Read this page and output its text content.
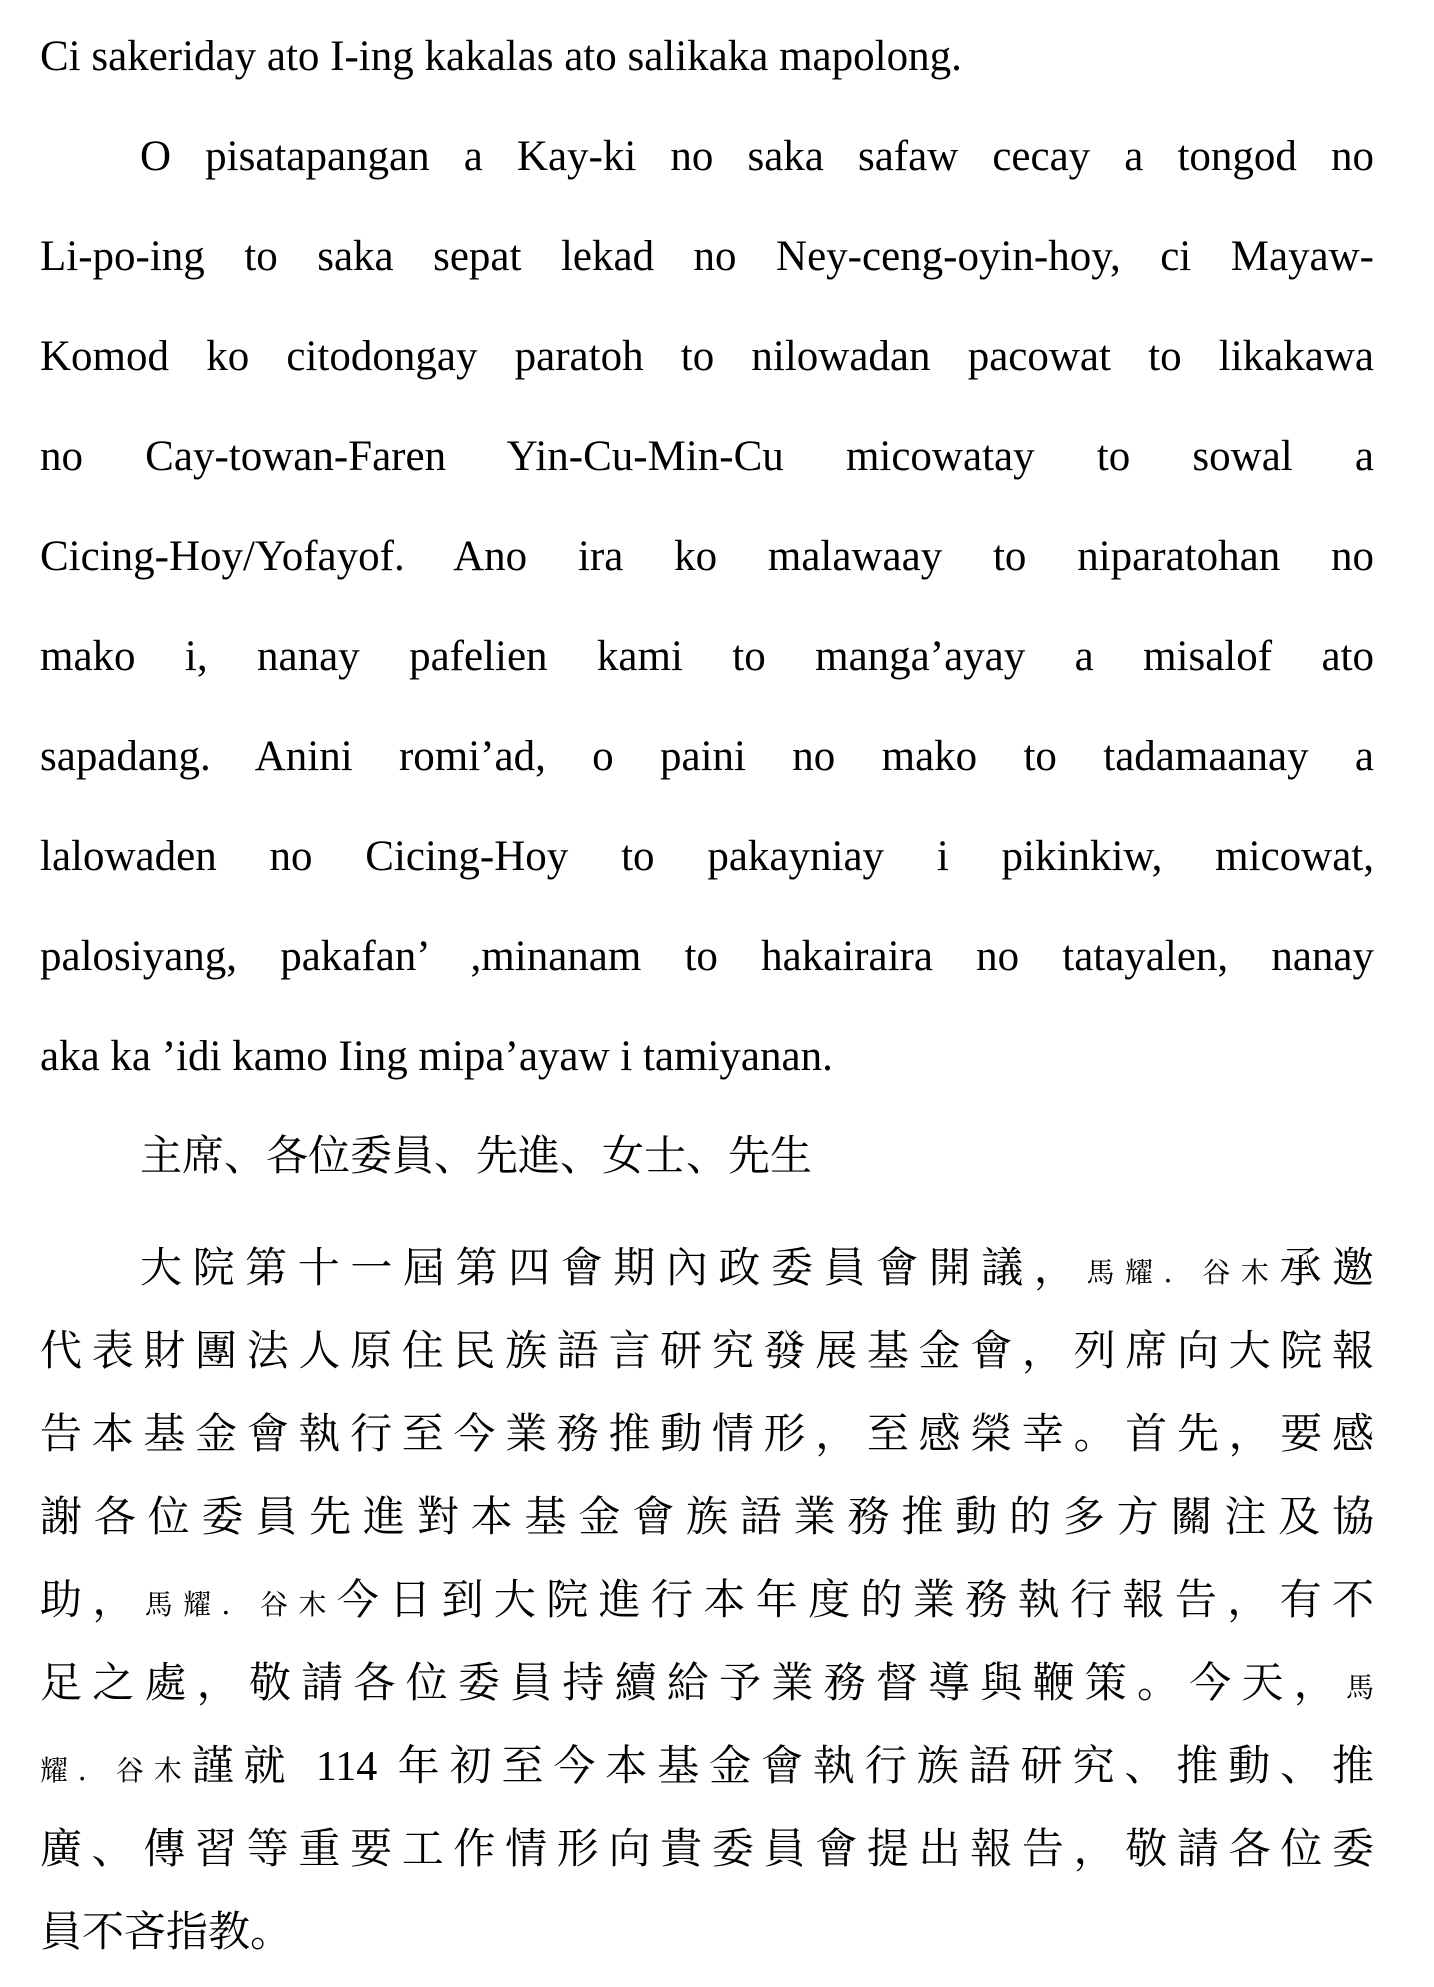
Ci sakeriday ato I-ing kakalas ato salikaka mapolong.
O pisatapangan a Kay-ki no saka safaw cecay a tongod no
Li-po-ing to saka sepat lekad no Ney-ceng-oyin-hoy, ci Mayaw-
Komod ko citodongay paratoh to nilowadan pacowat to likakawa
no Cay-towan-Faren Yin-Cu-Min-Cu micowatay to sowal a
Cicing-Hoy/Yofayof. Ano ira ko malawaay to niparatohan no
mako i, nanay pafelien kami to manga’ayay a misalof ato
sapadang. Anini romi’ad, o paini no mako to tadamaanay a
lalowaden no Cicing-Hoy to pakayniay i pikinkiw, micowat,
palosiyang, pakafan’ ,minanam to hakairaira no tatayalen, nanay
aka ka ’idi kamo Iing mipa’ayaw i tamiyanan.
主席、各位委員、先進、女士、先生
大院第十一屆第四會期內政委員會開議，馬耀．谷木承邀
代表財團法人原住民族語言研究發展基金會，列席向大院報
告本基金會執行至今業務推動情形，至感榮幸。首先，要感
謝各位委員先進對本基金會族語業務推動的多方關注及協
助，馬耀．谷木今日到大院進行本年度的業務執行報告，有不
足之處，敬請各位委員持續給予業務督導與鞭策。今天，馬
耀．谷木謹就 114 年初至今本基金會執行族語研究、推動、推
廣、傳習等重要工作情形向貴委員會提出報告，敬請各位委
員不吝指教。
